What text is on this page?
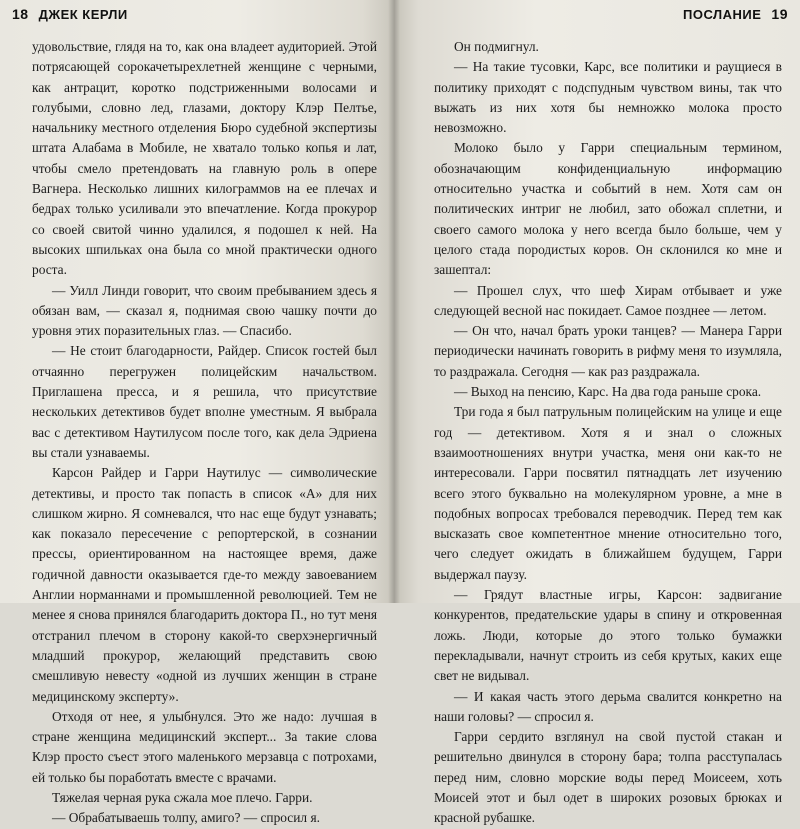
18 ДЖЕК КЕРЛИ

удовольствие, глядя на то, как она владеет аудиторией. Этой потрясающей сорокачетырехлетней женщине с черными, как антрацит, коротко подстриженными волосами и голубыми, словно лед, глазами, доктору Клэр Пелтье, начальнику местного отделения Бюро судебной экспертизы штата Алабама в Мобиле, не хватало только копья и лат, чтобы смело претендовать на главную роль в опере Вагнера. Несколько лишних килограммов на ее плечах и бедрах только усиливали это впечатление. Когда прокурор со своей свитой чинно удалился, я подошел к ней. На высоких шпильках она была со мной практически одного роста.

— Уилл Линди говорит, что своим пребыванием здесь я обязан вам, — сказал я, поднимая свою чашку почти до уровня этих поразительных глаз. — Спасибо.

— Не стоит благодарности, Райдер. Список гостей был отчаянно перегружен полицейским начальством. Приглашена пресса, и я решила, что присутствие нескольких детективов будет вполне уместным. Я выбрала вас с детективом Наутилусом после того, как дела Эдриена вы стали узнаваемы.

Карсон Райдер и Гарри Наутилус — символические детективы, и просто так попасть в список «А» для них слишком жирно. Я сомневался, что нас еще будут узнавать; как показало пересечение с репортерской, в сознании прессы, ориентированном на настоящее время, даже годичной давности оказывается где-то между завоеванием Англии норманнами и промышленной революцией. Тем не менее я снова принялся благодарить доктора П., но тут меня отстранил плечом в сторону какой-то сверхэнергичный младший прокурор, желающий представить свою смешливую невесту «одной из лучших женщин в стране медицинскому эксперту».

Отходя от нее, я улыбнулся. Это же надо: лучшая в стране женщина медицинский эксперт... За такие слова Клэр просто съест этого маленького мерзавца с потрохами, ей только бы поработать вместе с врачами.

Тяжелая черная рука сжала мое плечо. Гарри.

— Обрабатываешь толпу, амиго? — спросил я.

ПОСЛАНИЕ 19

Он подмигнул.

— На такие тусовки, Карс, все политики и раущиеся в политику приходят с подспудным чувством вины, так что выжать из них хотя бы немножко молока просто невозможно.

Молоко было у Гарри специальным термином, обозначающим конфиденциальную информацию относительно участка и событий в нем. Хотя сам он политических интриг не любил, зато обожал сплетни, и своего самого молока у него всегда было больше, чем у целого стада породистых коров. Он склонился ко мне и зашептал:

— Прошел слух, что шеф Хирам отбывает и уже следующей весной нас покидает. Самое позднее — летом.

— Он что, начал брать уроки танцев? — Манера Гарри периодически начинать говорить в рифму меня то изумляла, то раздражала. Сегодня — как раз раздражала.

— Выход на пенсию, Карс. На два года раньше срока.

Три года я был патрульным полицейским на улице и еще год — детективом. Хотя я и знал о сложных взаимоотношениях внутри участка, меня они как-то не интересовали. Гарри посвятил пятнадцать лет изучению всего этого буквально на молекулярном уровне, а мне в подобных вопросах требовался переводчик. Перед тем как высказать свое компетентное мнение относительно того, чего следует ожидать в ближайшем будущем, Гарри выдержал паузу.

— Грядут властные игры, Карсон: задвигание конкурентов, предательские удары в спину и откровенная ложь. Люди, которые до этого только бумажки перекладывали, начнут строить из себя крутых, каких еще свет не видывал.

— И какая часть этого дерьма свалится конкретно на наши головы? — спросил я.

Гарри сердито взглянул на свой пустой стакан и решительно двинулся в сторону бара; толпа расступалась перед ним, словно морские воды перед Моисеем, хоть Моисей этот и был одет в широких розовых брюках и красной рубашке.
